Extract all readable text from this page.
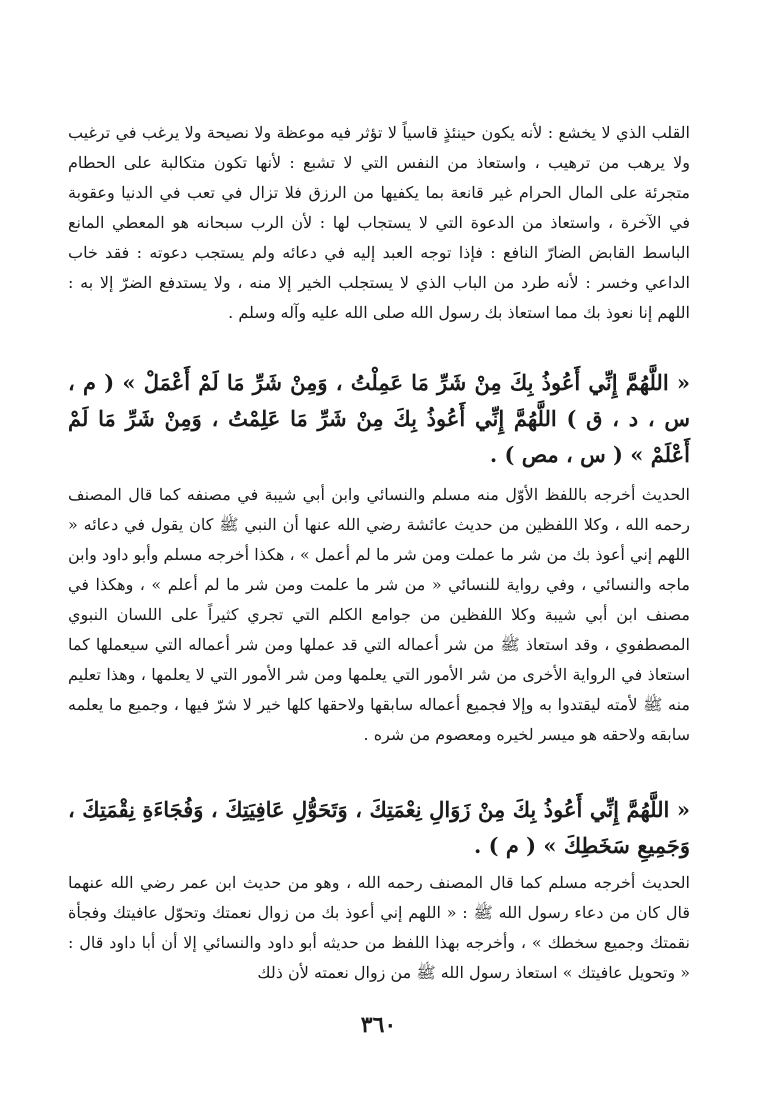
القلب الذي لا يخشع : لأنه يكون حينئذٍ قاسياً لا تؤثر فيه موعظة ولا نصيحة ولا يرغب في ترغيب ولا يرهب من ترهيب ، واستعاذ من النفس التي لا تشبع : لأنها تكون متكالبة على الحطام متجرئة على المال الحرام غير قانعة بما يكفيها من الرزق فلا تزال في تعب في الدنيا وعقوبة في الآخرة ، واستعاذ من الدعوة التي لا يستجاب لها : لأن الرب سبحانه هو المعطي المانع الباسط القابض الضارّ النافع : فإذا توجه العبد إليه في دعائه ولم يستجب دعوته : فقد خاب الداعي وخسر : لأنه طرد من الباب الذي لا يستجلب الخير إلا منه ، ولا يستدفع الضرّ إلا به : اللهم إنا نعوذ بك مما استعاذ بك رسول الله صلى الله عليه وآله وسلم .

« اللَّهُمَّ إِنِّي أَعُوذُ بِكَ مِنْ شَرِّ مَا عَمِلْتُ ، وَمِنْ شَرِّ مَا لَمْ أَعْمَلْ » ( م ، س ، د ، ق ) اللَّهُمَّ إِنِّي أَعُوذُ بِكَ مِنْ شَرِّ مَا عَلِمْتُ ، وَمِنْ شَرِّ مَا لَمْ أَعْلَمْ » ( س ، مص ) .

الحديث أخرجه باللفظ الأوّل منه مسلم والنسائي وابن أبي شيبة في مصنفه كما قال المصنف رحمه الله ، وكلا اللفظين من حديث عائشة رضي الله عنها أن النبي ﷺ كان يقول في دعائه « اللهم إني أعوذ بك من شر ما عملت ومن شر ما لم أعمل » ، هكذا أخرجه مسلم وأبو داود وابن ماجه والنسائي ، وفي رواية للنسائي « من شر ما علمت ومن شر ما لم أعلم » ، وهكذا في مصنف ابن أبي شيبة وكلا اللفظين من جوامع الكلم التي تجري كثيراً على اللسان النبوي المصطفوي ، وقد استعاذ ﷺ من شر أعماله التي قد عملها ومن شر أعماله التي سيعملها كما استعاذ في الرواية الأخرى من شر الأمور التي يعلمها ومن شر الأمور التي لا يعلمها ، وهذا تعليم منه ﷺ لأمته ليقتدوا به وإلا فجميع أعماله سابقها ولاحقها كلها خير لا شرّ فيها ، وجميع ما يعلمه سابقه ولاحقه هو ميسر لخيره ومعصوم من شره .

« اللَّهُمَّ إِنِّي أَعُوذُ بِكَ مِنْ زَوَالِ نِعْمَتِكَ ، وَتَحَوُّلِ عَافِيَتِكَ ، وَفُجَاءَةِ نِقْمَتِكَ ، وَجَمِيعِ سَخَطِكَ » ( م ) .

الحديث أخرجه مسلم كما قال المصنف رحمه الله ، وهو من حديث ابن عمر رضي الله عنهما قال كان من دعاء رسول الله ﷺ : « اللهم إني أعوذ بك من زوال نعمتك وتحوّل عافيتك وفجأة نقمتك وجميع سخطك » ، وأخرجه بهذا اللفظ من حديثه أبو داود والنسائي إلا أن أبا داود قال : « وتحويل عافيتك » استعاذ رسول الله ﷺ من زوال نعمته لأن ذلك

٣٦٠
